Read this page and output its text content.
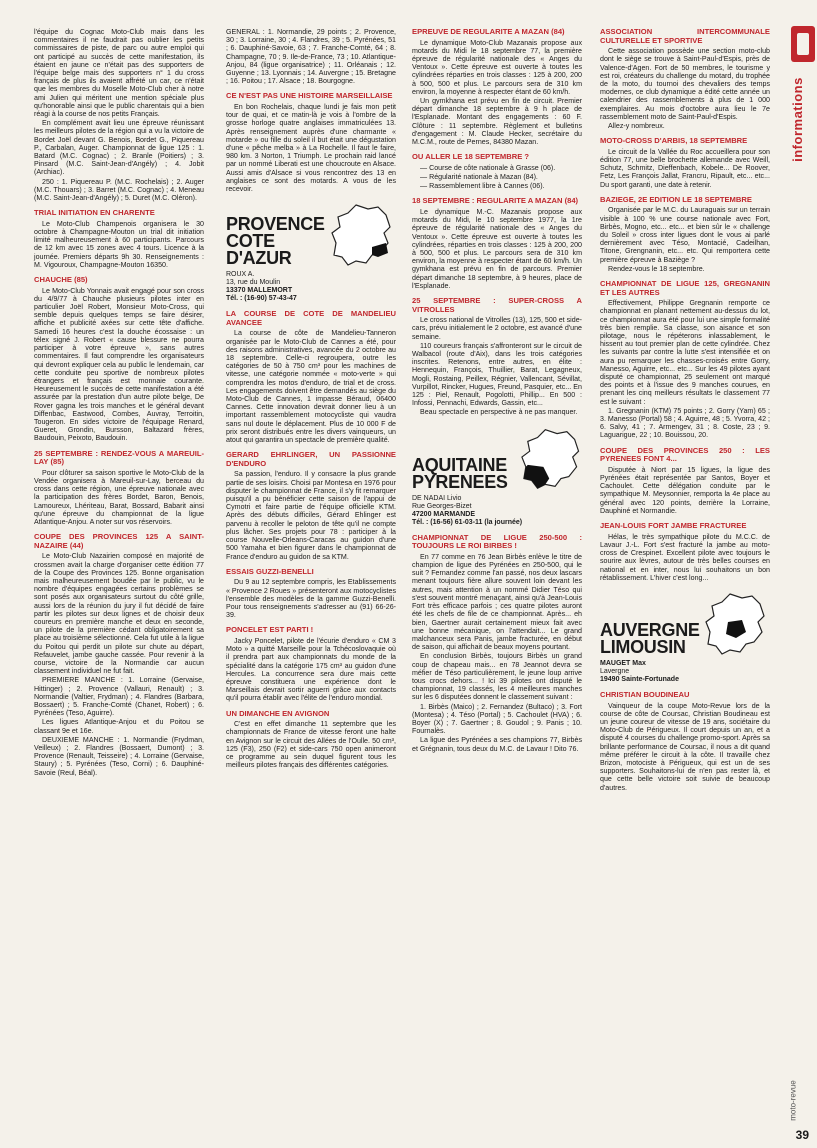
l'équipe du Cognac Moto-Club mais dans les commentaires il ne faudrait pas oublier les petits commissaires de piste, de parc ou autre emploi qui ont participé au succès de cette manifestation, ils étaient en jaune ce n'était pas des supporters de l'équipe belge mais des supporters n° 1 du cross français de plus ils avaient affrété un car, ce n'était que les membres du Moselle Moto-Club cher à notre ami Julien qui méritent une mention spéciale plus qu'honorable ainsi que le public charentais qui a bien réagi à la course de nos petits Français.

En complément avait lieu une épreuve réunissant les meilleurs pilotes de la région qui a vu la victoire de Bordet Joël devant G. Benois, Bordet G., Piquereau P., Carbalan, Auger. Championnat de ligue 125 : 1. Batard (M.C. Cognac) ; 2. Branle (Poitiers) ; 3. Pinsard (M.C. Saint-Jean-d'Angély) ; 4. Jobit (Archiac).

250 : 1. Piquereau P. (M.C. Rochelais) ; 2. Auger (M.C. Thouars) ; 3. Barret (M.C. Cognac) ; 4. Meneau (M.C. Saint-Jean-d'Angély) ; 5. Duret (M.C. Oléron).

TRIAL INITIATION EN CHARENTE

Le Moto-Club Champenois organisera le 30 octobre à Champagne-Mouton un trial dit initiation limité malheureusement à 60 participants. Parcours de 12 km avec 15 zones avec 4 tours. Licence à la journée. Premiers départs 9h 30. Renseignements : M. Vigouroux, Champagne-Mouton 16350.

CHAUCHE (85)

Le Moto-Club Yonnais avait engagé pour son cross du 4/9/77 à Chauche plusieurs pilotes inter en particulier Joël Robert, Monsieur Moto-Cross, qui semble depuis quelques temps se faire désirer, affiche et publicité axées sur cette tête d'affiche. Samedi 16 heures c'est la douche écossaise : un télex signé J. Robert « cause blessure ne pourra participer à votre épreuve », sans autres commentaires. Il faut comprendre les organisateurs qui devront expliquer cela au public le lendemain, car cette conduite peu sportive de nombreux pilotes étrangers et français est monnaie courante. Heureusement le succès de cette manifestation a été assurée par la prestation d'un autre pilote belge, De Rover gagna les trois manches et le général devant Diffenbac, Eastwood, Combes, Auvray, Terroitin, Tougeron. En sides victoire de l'équipage Renard, Gueret, Grondin, Bursson, Baltazard frères, Baudouin, Peixoto, Baudouin.

25 SEPTEMBRE : RENDEZ-VOUS A MAREUIL-LAY (85)

Pour clôturer sa saison sportive le Moto-Club de la Vendée organisera à Mareuil-sur-Lay, berceau du cross dans cette région, une épreuve nationale avec la participation des frères Bordet, Baron, Benois, Lamoureux, Lhériteau, Barat, Bossard, Babarit ainsi qu'une épreuve du championnat de la ligue Atlantique-Anjou. A noter sur vos réservoirs.

COUPE DES PROVINCES 125 A SAINT-NAZAIRE (44)

Le Moto-Club Nazairien composé en majorité de crossmen avait la charge d'organiser cette édition 77 de la Coupe des Provinces 125. Bonne organisation mais malheureusement boudée par le public, vu le nombre d'équipes engagées certains problèmes se sont posés aux organisateurs surtout du côté grille, aussi lors de la réunion du jury il fut décidé de faire partir les pilotes sur deux lignes et de choisir deux coureurs en première manche et deux en seconde, un pilote de la première cédant obligatoirement sa place au troisième sélectionné. Cela fut utile à la ligue du Poitou qui perdit un pilote sur chute au départ, Refauvelet, jambe gauche cassée. Pour revenir à la course, victoire de la Normandie car aucun classement individuel ne fut fait.

PREMIERE MANCHE : 1. Lorraine (Gervaise, Hittinger) ; 2. Provence (Vallauri, Renault) ; 3. Normandie (Valtier, Frydman) ; 4. Flandres (Barbara, Bossaert) ; 5. Franche-Comté (Chanet, Robert) ; 6. Pyrénées (Teso, Aguirre).

Les ligues Atlantique-Anjou et du Poitou se classant 9e et 16e.

DEUXIEME MANCHE : 1. Normandie (Frydman, Veilleux) ; 2. Flandres (Bossaert, Dumont) ; 3. Provence (Renault, Teisseire) ; 4. Lorraine (Gervaise, Staury) ; 5. Pyrénées (Teso, Corni) ; 6. Dauphiné-Savoie (Reul, Béal).

GENERAL : 1. Normandie, 29 points ; 2. Provence, 30 ; 3. Lorraine, 30 ; 4. Flandres, 39 ; 5. Pyrénées, 51 ; 6. Dauphiné-Savoie, 63 ; 7. Franche-Comté, 64 ; 8. Champagne, 70 ; 9. Ile-de-France, 73 ; 10. Atlantique-Anjou, 84 (ligue organisatrice) ; 11. Orléanais ; 12. Guyenne ; 13. Lyonnais ; 14. Auvergne ; 15. Bretagne ; 16. Poitou ; 17. Alsace ; 18. Bourgogne.

CE N'EST PAS UNE HISTOIRE MARSEILLAISE

En bon Rochelais, chaque lundi je fais mon petit tour de quai, et ce matin-là je vois à l'ombre de la grosse horloge quatre anglaises immatriculées 13. Après renseignement auprès d'une charmante « motarde » ou fille du soleil il but était une dégustation d'une « pêche melba » à La Rochelle. Il faut le faire, 980 km. 3 Norton, 1 Triumph. Le prochain raid lancé par un nommé Liberati est une choucroute en Alsace. Aussi amis d'Alsace si vous rencontrez des 13 en anglaises ce sont des motards. A vous de les recevoir.

PROVENCE COTE D'AZUR
ROUX A.
13, rue du Moulin
13370 MALLEMORT
Tél. : (16-90) 57-43-47
LA COURSE DE COTE DE MANDELIEU AVANCEE

La course de côte de Mandelieu-Tanneron organisée par le Moto-Club de Cannes a été, pour des raisons administratives, avancée du 2 octobre au 18 septembre. Celle-ci regroupera, outre les catégories de 50 à 750 cm³ pour les machines de vitesse, une catégorie nommée « moto-verte » qui comprendra les motos d'enduro, de trial et de cross. Les engagements doivent être demandés au siège du Moto-Club de Cannes, 1 impasse Béraud, 06400 Cannes. Cette innovation devrait donner lieu à un important rassemblement motocycliste qui vaudra sans nul doute le déplacement. Plus de 10 000 F de prix seront distribués entre les divers vainqueurs, un atout qui garantira un spectacle de première qualité.

GERARD EHRLINGER, UN PASSIONNE D'ENDURO

Sa passion, l'enduro. Il y consacre la plus grande partie de ses loisirs. Choisi par Montesa en 1976 pour disputer le championnat de France, il s'y fit remarquer puisqu'il a pu bénéficier cette saison de l'appui de Cymotri et faire partie de l'équipe officielle KTM. Après des débuts difficiles, Gérard Ehlinger est parvenu à recoller le peloton de tête qu'il ne compte plus lâcher. Ses projets pour 78 : participer à la course Nouvelle-Orleans-Caracas au guidon d'une 500 Yamaha et bien figurer dans le championnat de France d'enduro au guidon de sa KTM.

ESSAIS GUZZI-BENELLI

Du 9 au 12 septembre compris, les Etablissements « Provence 2 Roues » présenteront aux motocyclistes l'ensemble des modèles de la gamme Guzzi-Benelli. Pour tous renseignements s'adresser au (91) 66-26-39.

PONCELET EST PARTI !

Jacky Poncelet, pilote de l'écurie d'enduro « CM 3 Moto » a quitté Marseille pour la Tchécoslovaquie où il prendra part aux championnats du monde de la spécialité dans la catégorie 175 cm³ au guidon d'une Hercules. La concurrence sera dure mais cette épreuve constituera une expérience dont le Marseillais devrait sortir aguerri grâce aux contacts qu'il pourra établir avec l'élite de l'enduro mondial.

UN DIMANCHE EN AVIGNON

C'est en effet dimanche 11 septembre que les championnats de France de vitesse feront une halte en Avignon sur le circuit des Allées de l'Oulle. 50 cm³, 125 (F3), 250 (F2) et side-cars 750 open animeront ce programme au sein duquel figurent tous les meilleurs pilotes français des différentes catégories.

EPREUVE DE REGULARITE A MAZAN (84)

Le dynamique Moto-Club Mazanais propose aux motards du Midi le 18 septembre 77, la première épreuve de régularité nationale des « Anges du Ventoux ». Cette épreuve est ouverte à toutes les cylindrées réparties en trois classes : 125 à 200, 200 à 500, 500 et plus. Le parcours sera de 310 km environ, la moyenne à respecter étant de 60 km/h.

Un gymkhana est prévu en fin de circuit. Premier départ dimanche 18 septembre à 9 h place de l'Esplanade. Montant des engagements : 60 F. Clôture : 11 septembre. Règlement et bulletins d'engagement : M. Claude Hecker, secrétaire du M.C.M., route de Pernes, 84380 Mazan.

OU ALLER LE 18 SEPTEMBRE ?

— Course de côte nationale à Grasse (06).

— Régularité nationale à Mazan (84).

— Rassemblement libre à Cannes (06).

18 SEPTEMBRE : REGULARITE A MAZAN (84)

Le dynamique M.-C. Mazanais propose aux motards du Midi, le 10 septembre 1977, la 1re épreuve de régularité nationale des « Anges du Ventoux ». Cette épreuve est ouverte à toutes les cylindrées, réparties en trois classes : 125 à 200, 200 à 500, 500 et plus. Le parcours sera de 310 km environ, la moyenne à respecter étant de 60 km/h. Un gymkhana est prévu en fin de parcours. Premier départ dimanche 18 septembre, à 9 heures, place de l'Esplanade.

25 SEPTEMBRE : SUPER-CROSS A VITROLLES

Le cross national de Vitrolles (13), 125, 500 et side-cars, prévu initialement le 2 octobre, est avancé d'une semaine.

110 coureurs français s'affronteront sur le circuit de Walbacol (route d'Aix), dans les trois catégories inscrites. Retenons, entre autres, en élite : Hennequin, François, Thuillier, Barat, Legagneux, Mogli, Rostaing, Peillex, Régnier, Vallencant, Sévillat, Vurpillot, Rincker, Hugues, Freund, Pasquier, etc... En 125 : Piel, Renault, Pogolotti, Phillip... En 500 : Infossi, Pennachi, Edwards, Gassin, etc...

Beau spectacle en perspective à ne pas manquer.

AQUITAINE PYRENEES
DE NADAI Livio
Rue Georges-Bizet
47200 MARMANDE
Tél. : (16-56) 61-03-11 (la journée)
CHAMPIONNAT DE LIGUE 250-500 : TOUJOURS LE ROI BIRBES !

En 77 comme en 76 Jean Birbès enlève le titre de champion de ligue des Pyrénées en 250-500, qui le suit ? Fernandez comme l'an passé, nos deux lascars menant toujours fière allure souvent loin devant les autres, mais attention à un nommé Didier Téso qui s'est souvent montré menaçant, ainsi qu'à Jean-Louis Fort très efficace parfois ; ces quatre pilotes auront été les chefs de file de ce championnat. Après... eh bien, Gaertner aurait certainement mieux fait avec une bonne mécanique, on l'attendait... Le grand malchanceux sera Panis, jambe fracturée, en début de saison, qui affichait de beaux moyens pourtant.

En conclusion Birbès, toujours Birbès un grand coup de chapeau mais... en 78 Jeannot devra se méfier de Téso particulièrement, le jeune loup arrive tous crocs dehors... ! Ici 39 pilotes ont disputé le championnat, 19 classés, les 4 meilleures manches sur les 6 disputées donnent le classement suivant :

1. Birbès (Maico) ; 2. Fernandez (Bultaco) ; 3. Fort (Montesa) ; 4. Téso (Portal) ; 5. Cachoulet (HVA) ; 6. Boyer (X) ; 7. Gaertner ; 8. Goudol ; 9. Panis ; 10. Fournalès.

La ligue des Pyrénées a ses champions 77, Birbès et Grégnanin, tous deux du M.C. de Lavaur ! Dito 76.

ASSOCIATION INTERCOMMUNALE CULTURELLE ET SPORTIVE

Cette association possède une section moto-club dont le siège se trouve à Saint-Paul-d'Espis, près de Valence-d'Agen. Fort de 50 membres, le tourisme y est roi, créateurs du challenge du motard, du trophée de la moto, du tournoi des chevaliers des temps modernes, ce club dynamique a édité cette année un calendrier des rassemblements à plus de 1 000 exemplaires. Au mois d'octobre aura lieu le 7e rassemblement moto de Saint-Paul-d'Espis.

Allez-y nombreux.

MOTO-CROSS D'ARBIS, 18 SEPTEMBRE

Le circuit de la Vallée du Roc accueillera pour son édition 77, une belle brochette allemande avec Weill, Schutz, Schmitz, Dieffenbach, Kobele... De Roover, Fetz, Les François Jallat, Francru, Ripault, etc... etc... Du sport garanti, une date à retenir.

BAZIEGE, 2E EDITION LE 18 SEPTEMBRE

Organisée par le M.C. du Lauraguais sur un terrain visible à 100 % une course nationale avec Fort, Birbès, Mogno, etc... etc... et bien sûr le « challenge du Soleil » cross inter ligues dont le vous ai parlé dernièrement avec Téso, Montacié, Cadeilhan, Titone, Grengnanin, etc... etc. Qui remportera cette première épreuve à Baziège ?

Rendez-vous le 18 septembre.

CHAMPIONNAT DE LIGUE 125, GREGNANIN ET LES AUTRES

Effectivement, Philippe Gregnanin remporte ce championnat en planant nettement au-dessus du lot, ce championnat aura été pour lui une simple formalité très bien remplie. Sa classe, son aisance et son pilotage, nous le répéterons inlassablement, le hissent au tout premier plan de cette cylindrée. Chez les suivants par contre la lutte s'est intensifiée et on aura pu remarquer les chasses-croisés entre Gorry, Manesso, Aguirre, etc... etc... Sur les 49 pilotes ayant disputé ce championnat, 25 seulement ont marqué des points et à l'issue des 9 manches courues, en prenant les cinq meilleurs résultats le classement 77 est le suivant :

1. Gregnanin (KTM) 75 points ; 2. Gorry (Yam) 65 ; 3. Manesso (Portal) 58 ; 4. Aguirre, 48 ; 5. Yvorra, 42 ; 6. Salvy, 41 ; 7. Armengev, 31 ; 8. Coste, 23 ; 9. Laguarigue, 22 ; 10. Bouissou, 20.

COUPE DES PROVINCES 250 : LES PYRENEES FONT 4...

Disputée à Niort par 15 ligues, la ligue des Pyrénées était représentée par Santos, Boyer et Cachoulet. Cette délégation conduite par le sympathique M. Meysonnier, remporta la 4e place au général avec 120 points, derrière la Lorraine, Dauphiné et Normandie.

JEAN-LOUIS FORT JAMBE FRACTUREE

Hélas, le très sympathique pilote du M.C.C. de Lavaur J.-L. Fort s'est fracturé la jambe au moto-cross de Crespinet. Excellent pilote avec toujours le sourire aux lèvres, autour de très belles courses en national et en inter, nous lui souhaitons un bon rétablissement. L'hiver c'est long...

AUVERGNE LIMOUSIN
MAUGET Max
Lavergne
19490 Sainte-Fortunade
CHRISTIAN BOUDINEAU

Vainqueur de la coupe Moto-Revue lors de la course de côte de Coursac, Christian Boudineau est un jeune coureur de vitesse de 19 ans, sociétaire du Moto-Club de Périgueux. Il court depuis un an, et a disputé 4 courses du challenge promo-sport. Après sa brillante performance de Coursac, il nous a dit quand même préférer le circuit à la côte. Il travaille chez Brizon, motociste à Périgueux, qui est un de ses supporters. Souhaitons-lui de n'en pas rester là, et que cette belle victoire soit suivie de beaucoup d'autres.

informations
moto-revue
39
